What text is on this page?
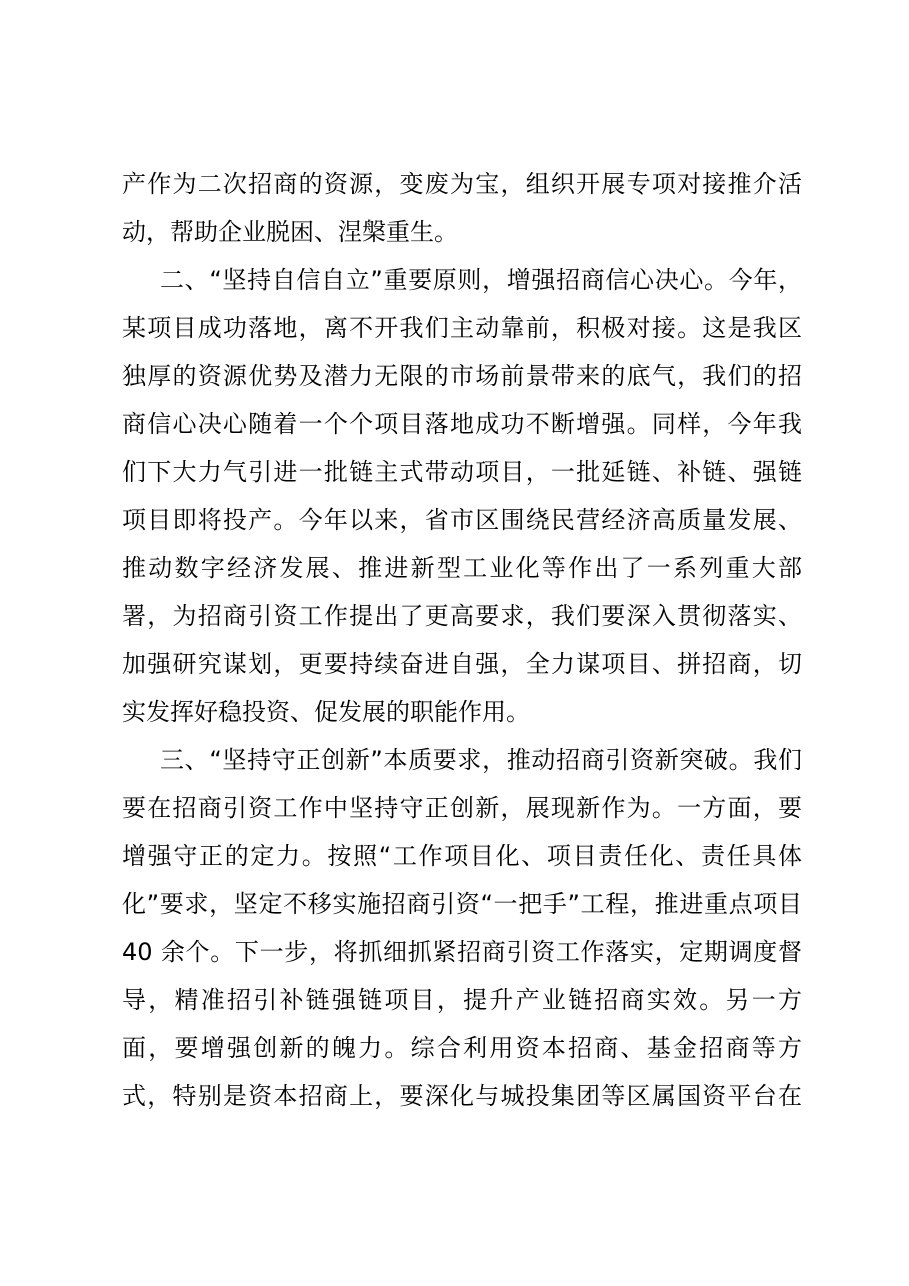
产作为二次招商的资源，变废为宝，组织开展专项对接推介活
动，帮助企业脱困、涅槃重生。
二、“坚持自信自立”重要原则，增强招商信心决心。今年，
某项目成功落地，离不开我们主动靠前，积极对接。这是我区
独厚的资源优势及潜力无限的市场前景带来的底气，我们的招
商信心决心随着一个个项目落地成功不断增强。同样，今年我
们下大力气引进一批链主式带动项目，一批延链、补链、强链
项目即将投产。今年以来，省市区围绕民营经济高质量发展、
推动数字经济发展、推进新型工业化等作出了一系列重大部
署，为招商引资工作提出了更高要求，我们要深入贯彻落实、
加强研究谋划，更要持续奋进自强，全力谋项目、拼招商，切
实发挥好稳投资、促发展的职能作用。
三、“坚持守正创新”本质要求，推动招商引资新突破。我们
要在招商引资工作中坚持守正创新，展现新作为。一方面，要
增强守正的定力。按照“工作项目化、项目责任化、责任具体
化”要求，坚定不移实施招商引资“一把手”工程，推进重点项目
40 余个。下一步，将抓细抓紧招商引资工作落实，定期调度督
导，精准招引补链强链项目，提升产业链招商实效。另一方
面，要增强创新的魄力。综合利用资本招商、基金招商等方
式，特别是资本招商上，要深化与城投集团等区属国资平台在
